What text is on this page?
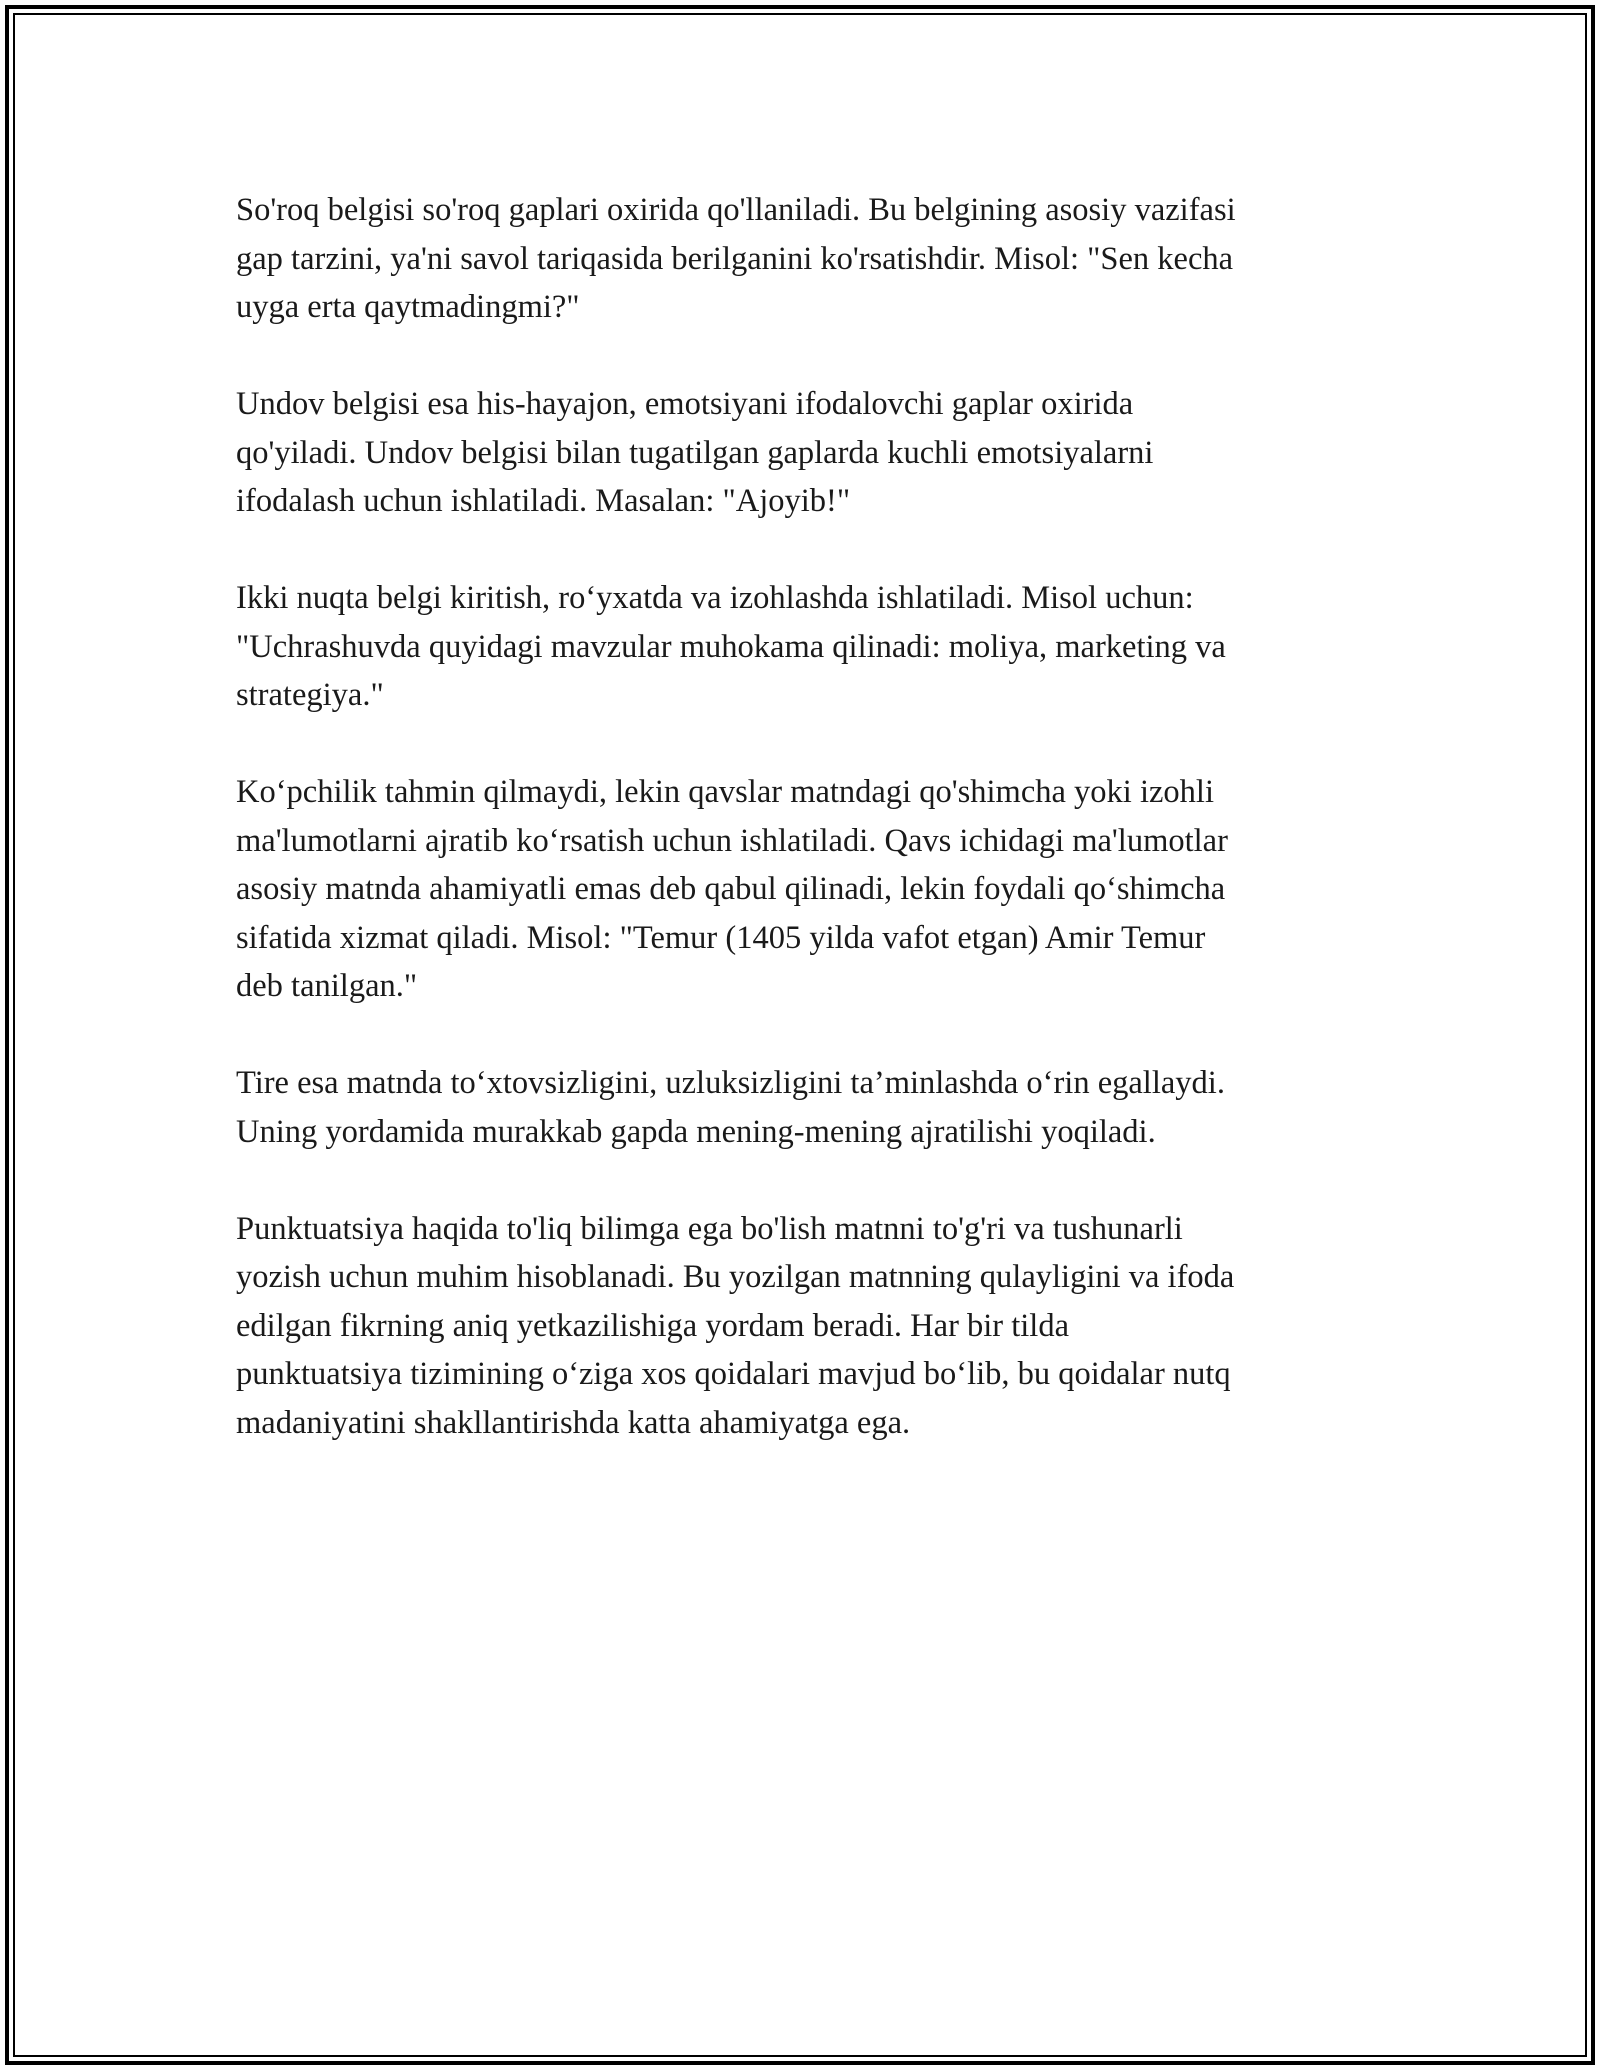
So'roq belgisi so'roq gaplari oxirida qo'llaniladi. Bu belgining asosiy vazifasi
gap tarzini, ya'ni savol tariqasida berilganini ko'rsatishdir. Misol: "Sen kecha
uyga erta qaytmadingmi?"

Undov belgisi esa his-hayajon, emotsiyani ifodalovchi gaplar oxirida
qo'yiladi. Undov belgisi bilan tugatilgan gaplarda kuchli emotsiyalarni
ifodalash uchun ishlatiladi. Masalan: "Ajoyib!"

Ikki nuqta belgi kiritish, roʻyxatda va izohlashda ishlatiladi. Misol uchun:
"Uchrashuvda quyidagi mavzular muhokama qilinadi: moliya, marketing va
strategiya."

Koʻpchilik tahmin qilmaydi, lekin qavslar matndagi qo'shimcha yoki izohli
ma'lumotlarni ajratib koʻrsatish uchun ishlatiladi. Qavs ichidagi ma'lumotlar
asosiy matnda ahamiyatli emas deb qabul qilinadi, lekin foydali qoʻshimcha
sifatida xizmat qiladi. Misol: "Temur (1405 yilda vafot etgan) Amir Temur
deb tanilgan."

Tire esa matnda toʻxtovsizligini, uzluksizligini ta’minlashda oʻrin egallaydi.
Uning yordamida murakkab gapda mening-mening ajratilishi yoqiladi.

Punktuatsiya haqida to'liq bilimga ega bo'lish matnni to'g'ri va tushunarli
yozish uchun muhim hisoblanadi. Bu yozilgan matnning qulayligini va ifoda
edilgan fikrning aniq yetkazilishiga yordam beradi. Har bir tilda
punktuatsiya tizimining oʻziga xos qoidalari mavjud boʻlib, bu qoidalar nutq
madaniyatini shakllantirishda katta ahamiyatga ega.
